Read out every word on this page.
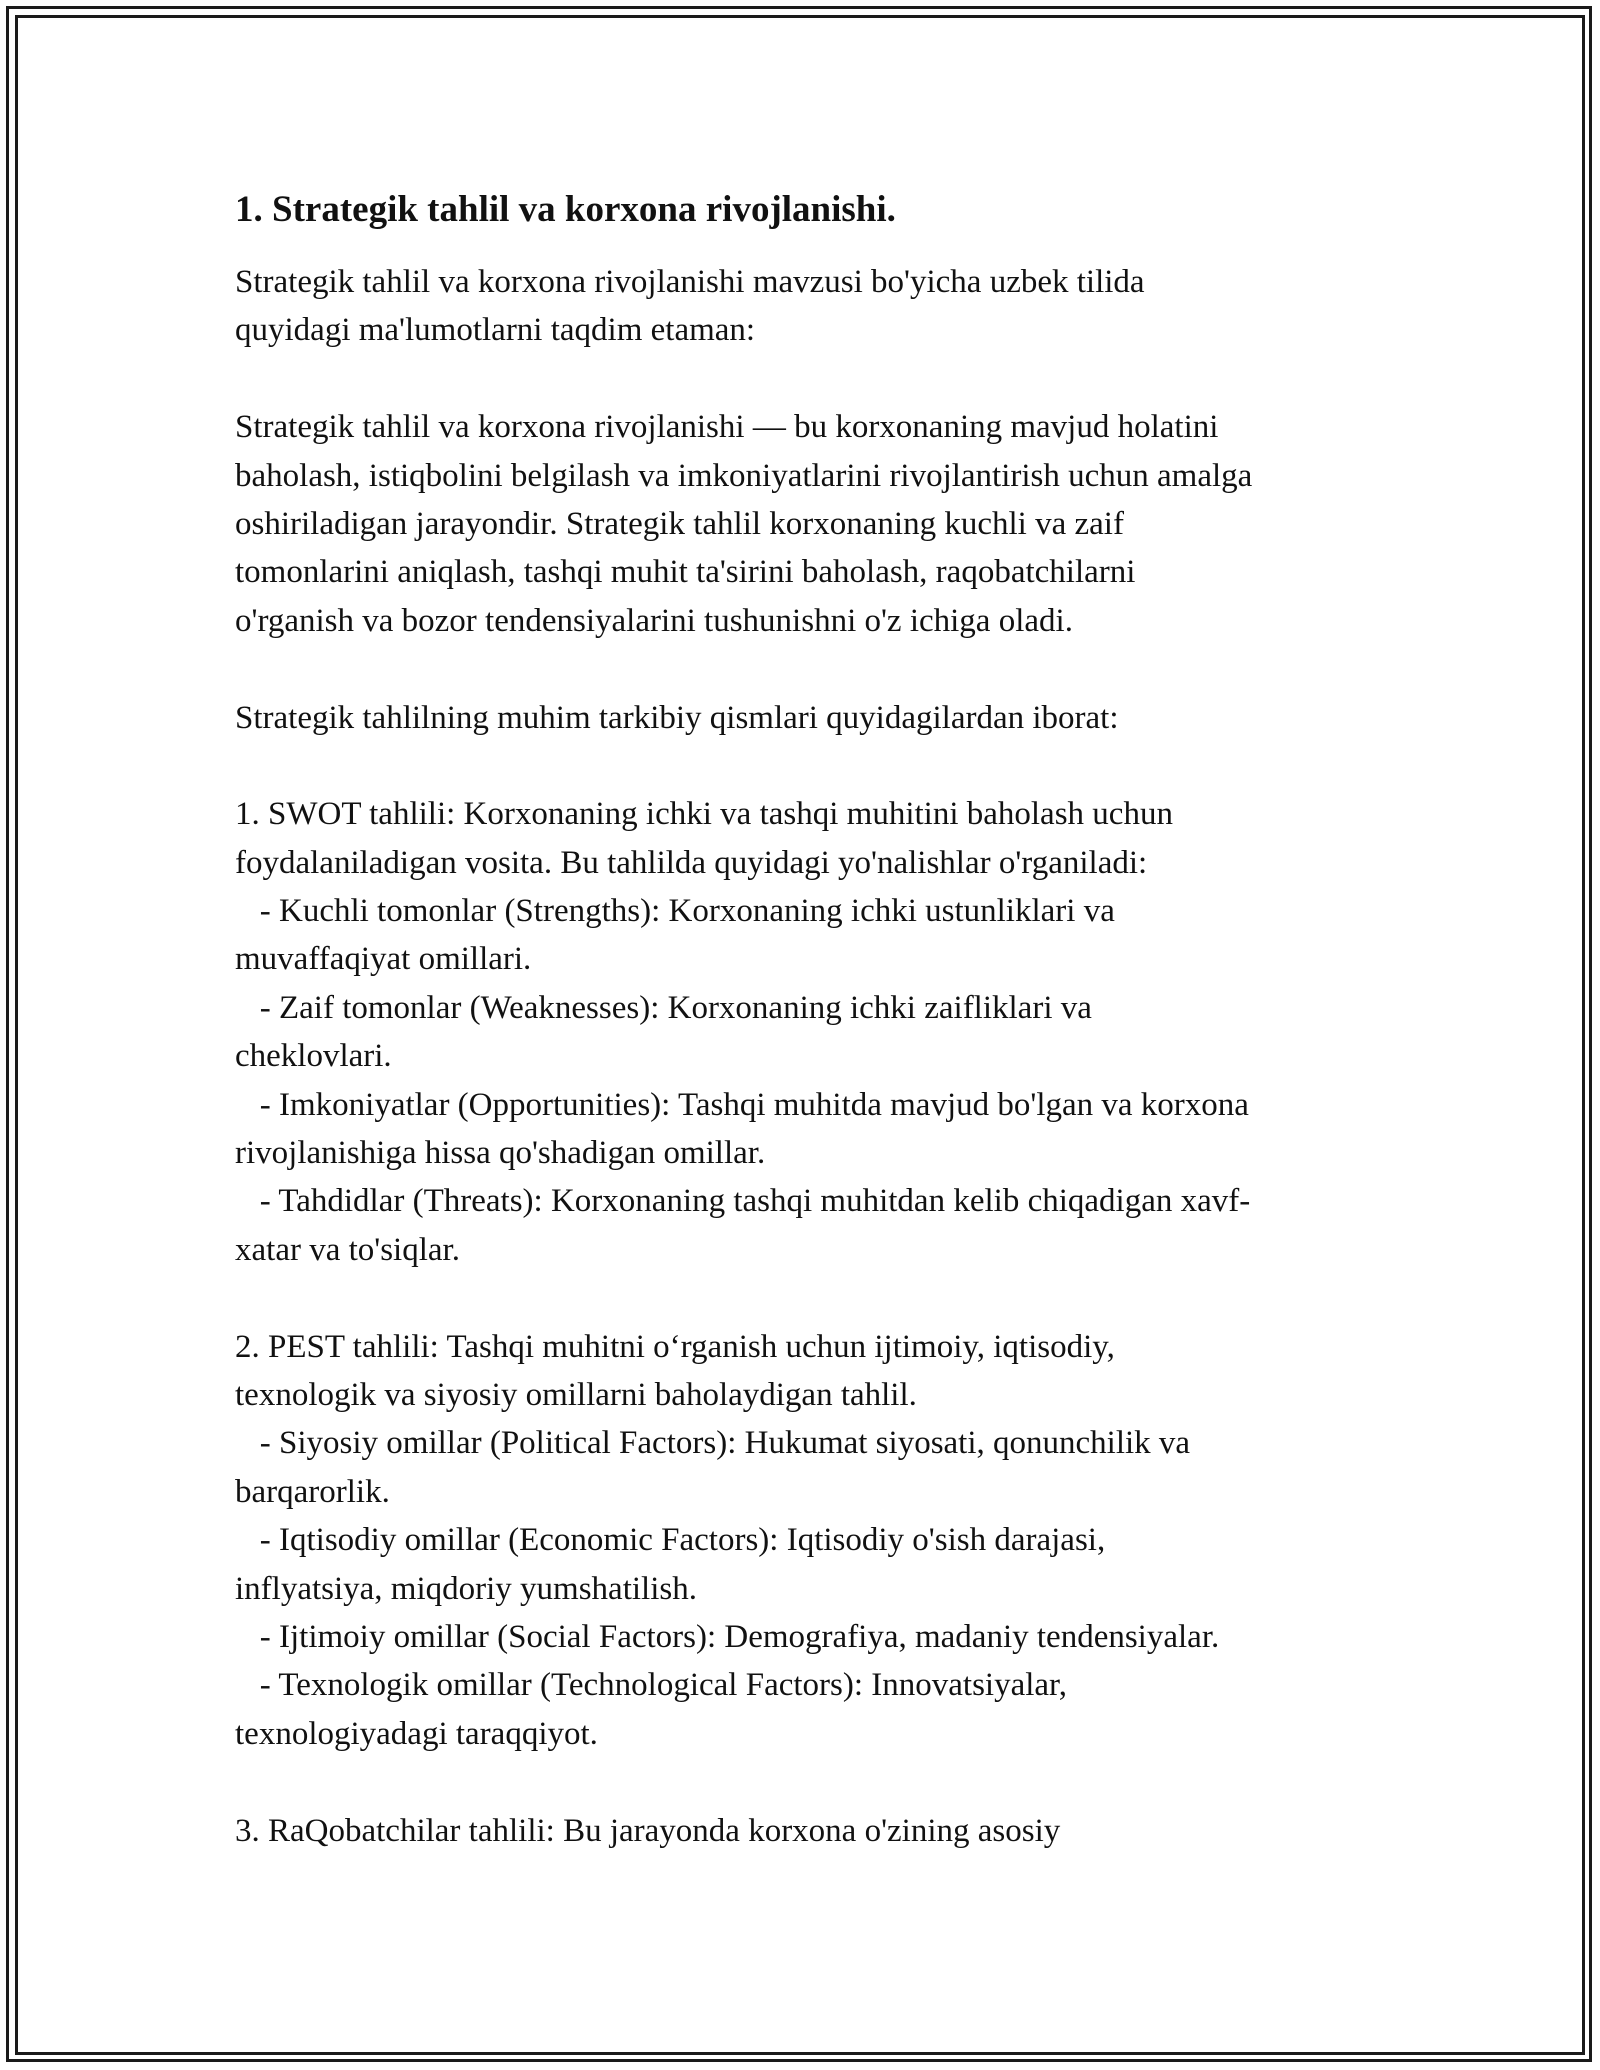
1. Strategik tahlil va korxona rivojlanishi.
Strategik tahlil va korxona rivojlanishi mavzusi bo'yicha uzbek tilida
quyidagi ma'lumotlarni taqdim etaman:
Strategik tahlil va korxona rivojlanishi — bu korxonaning mavjud holatini
baholash, istiqbolini belgilash va imkoniyatlarini rivojlantirish uchun amalga
oshiriladigan jarayondir. Strategik tahlil korxonaning kuchli va zaif
tomonlarini aniqlash, tashqi muhit ta'sirini baholash, raqobatchilarni
o'rganish va bozor tendensiyalarini tushunishni o'z ichiga oladi.
Strategik tahlilning muhim tarkibiy qismlari quyidagilardan iborat:
1. SWOT tahlili: Korxonaning ichki va tashqi muhitini baholash uchun
foydalaniladigan vosita. Bu tahlilda quyidagi yo'nalishlar o'rganiladi:
- Kuchli tomonlar (Strengths): Korxonaning ichki ustunliklari va
muvaffaqiyat omillari.
- Zaif tomonlar (Weaknesses): Korxonaning ichki zaifliklari va
cheklovlari.
- Imkoniyatlar (Opportunities): Tashqi muhitda mavjud bo'lgan va korxona
rivojlanishiga hissa qo'shadigan omillar.
- Tahdidlar (Threats): Korxonaning tashqi muhitdan kelib chiqadigan xavf-
xatar va to'siqlar.
2. PEST tahlili: Tashqi muhitni o‘rganish uchun ijtimoiy, iqtisodiy,
texnologik va siyosiy omillarni baholaydigan tahlil.
- Siyosiy omillar (Political Factors): Hukumat siyosati, qonunchilik va
barqarorlik.
- Iqtisodiy omillar (Economic Factors): Iqtisodiy o'sish darajasi,
inflyatsiya, miqdoriy yumshatilish.
- Ijtimoiy omillar (Social Factors): Demografiya, madaniy tendensiyalar.
- Texnologik omillar (Technological Factors): Innovatsiyalar,
texnologiyadagi taraqqiyot.
3. RaQobatchilar tahlili: Bu jarayonda korxona o'zining asosiy
